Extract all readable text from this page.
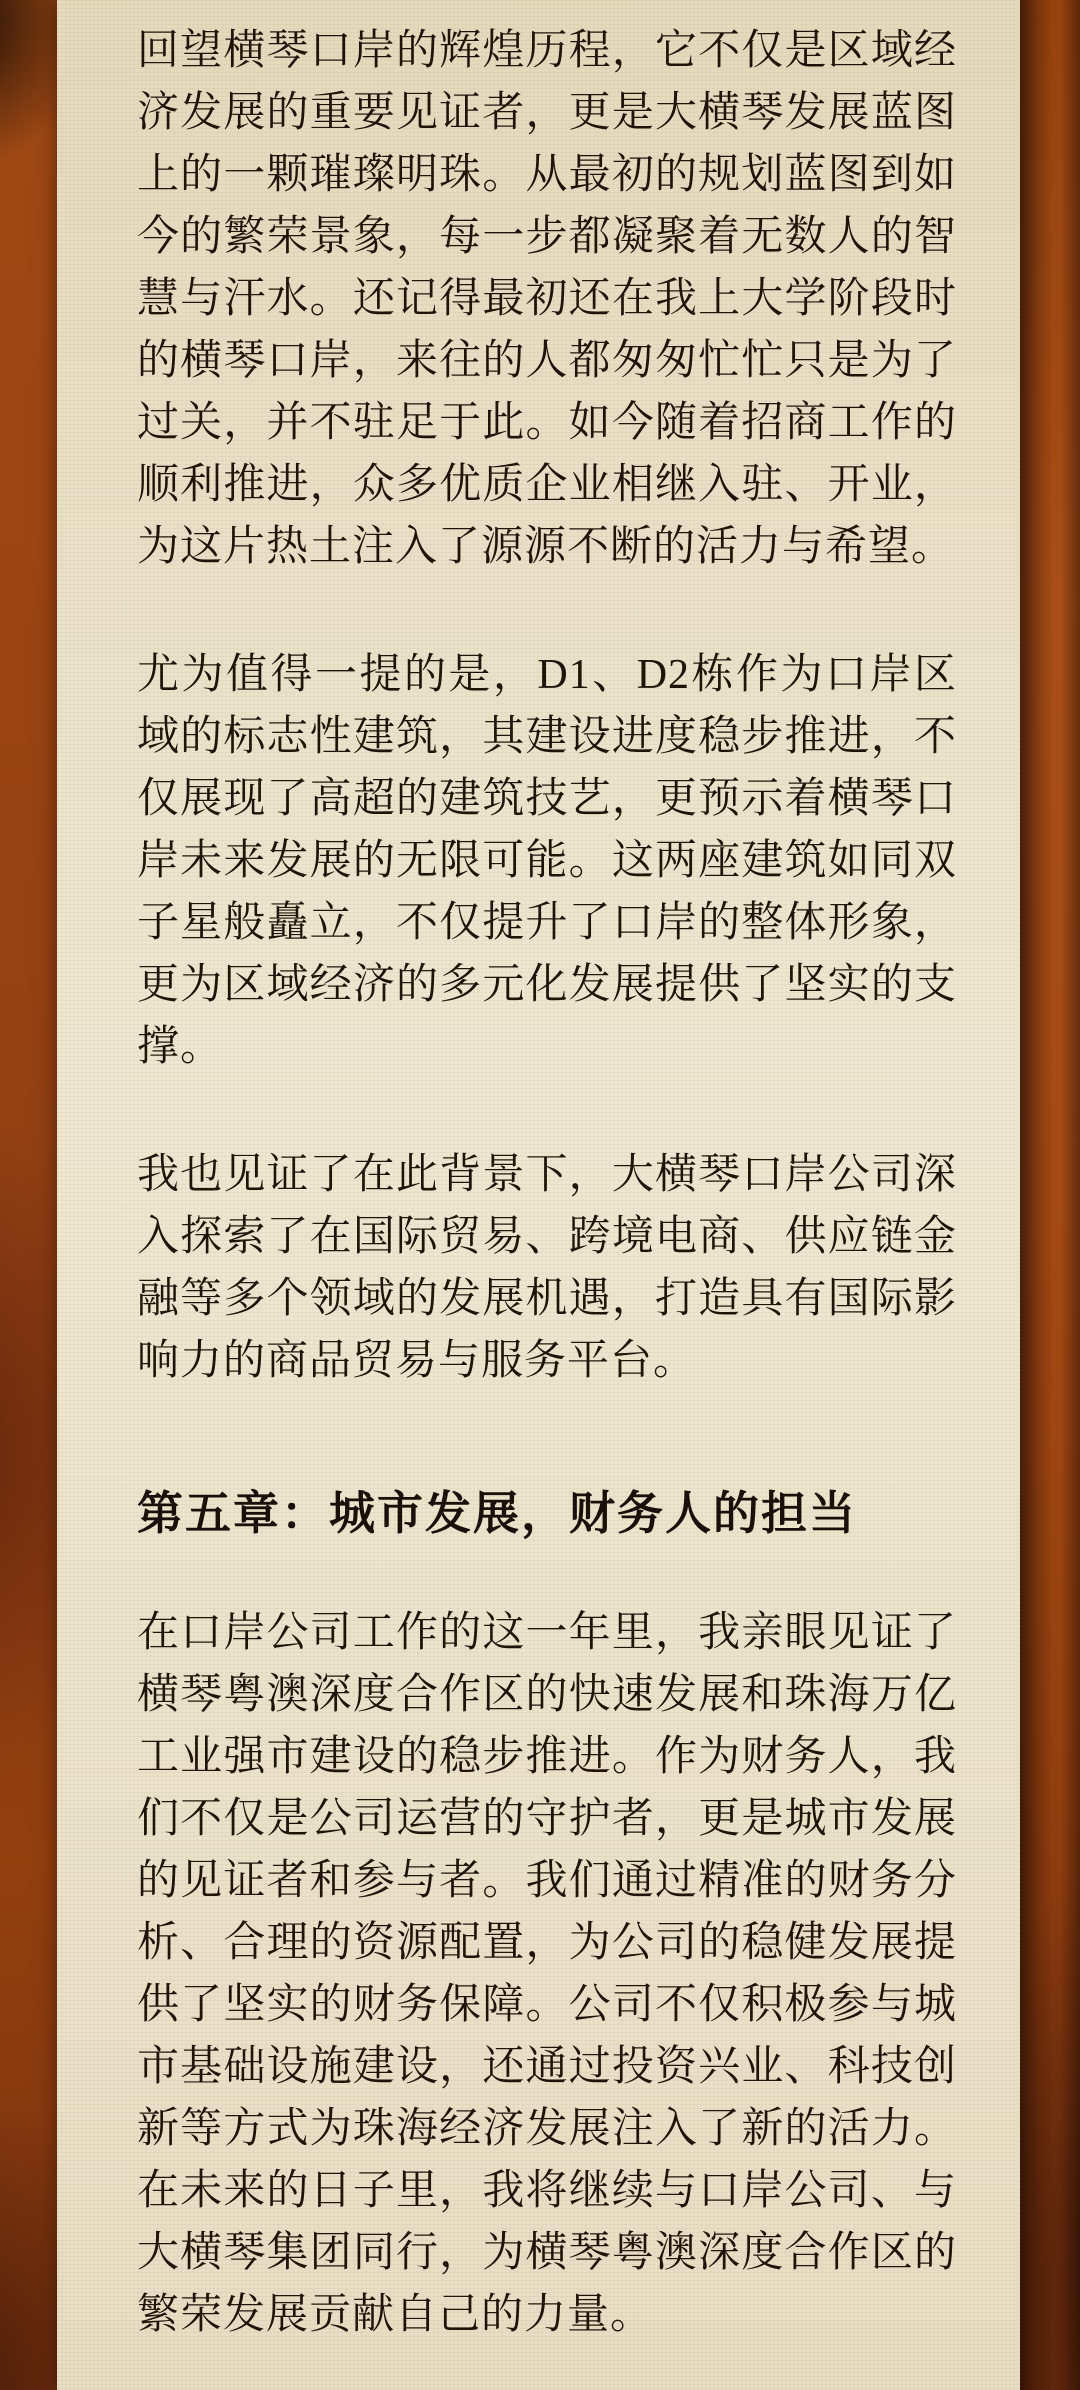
回望横琴口岸的辉煌历程，它不仅是区域经济发展的重要见证者，更是大横琴发展蓝图上的一颗璀璨明珠。从最初的规划蓝图到如今的繁荣景象，每一步都凝聚着无数人的智慧与汗水。还记得最初还在我上大学阶段时的横琴口岸，来往的人都匆匆忙忙只是为了过关，并不驻足于此。如今随着招商工作的顺利推进，众多优质企业相继入驻、开业，为这片热土注入了源源不断的活力与希望。

尤为值得一提的是，D1、D2栋作为口岸区域的标志性建筑，其建设进度稳步推进，不仅展现了高超的建筑技艺，更预示着横琴口岸未来发展的无限可能。这两座建筑如同双子星般矗立，不仅提升了口岸的整体形象，更为区域经济的多元化发展提供了坚实的支撑。

我也见证了在此背景下，大横琴口岸公司深入探索了在国际贸易、跨境电商、供应链金融等多个领域的发展机遇，打造具有国际影响力的商品贸易与服务平台。

第五章：城市发展，财务人的担当

在口岸公司工作的这一年里，我亲眼见证了横琴粤澳深度合作区的快速发展和珠海万亿工业强市建设的稳步推进。作为财务人，我们不仅是公司运营的守护者，更是城市发展的见证者和参与者。我们通过精准的财务分析、合理的资源配置，为公司的稳健发展提供了坚实的财务保障。公司不仅积极参与城市基础设施建设，还通过投资兴业、科技创新等方式为珠海经济发展注入了新的活力。在未来的日子里，我将继续与口岸公司、与大横琴集团同行，为横琴粤澳深度合作区的繁荣发展贡献自己的力量。
